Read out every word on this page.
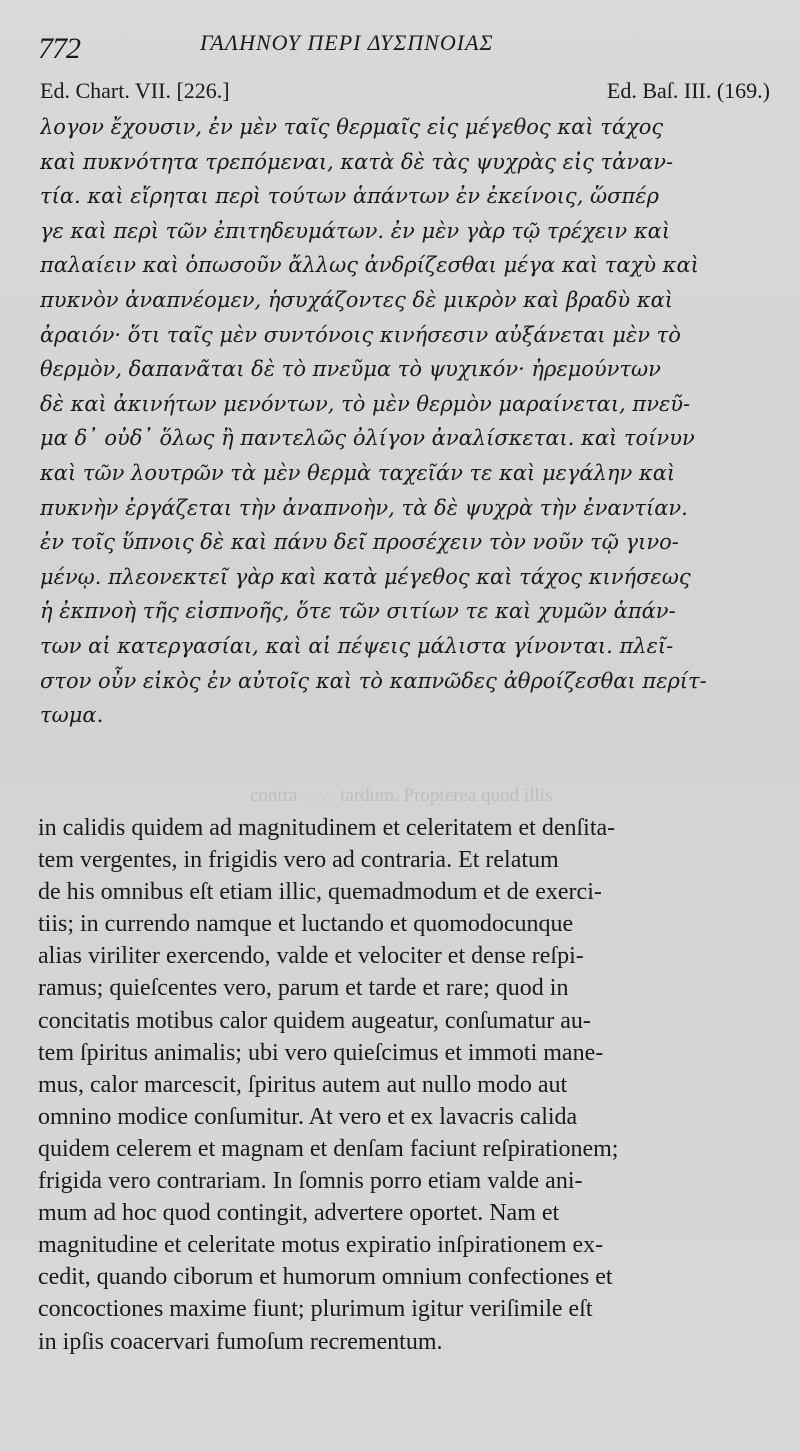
contra . . . . tardum. Propterea quod illis
772	ΓΑΛΗΝΟΥ ΠΕΡΙ ΔΥΣΠΝΟΙΑΣ
Ed. Chart. VII. [226.]	Ed. Baſ. III. (169.)
λογον ἔχουσιν, ἐν μὲν ταῖς θερμαῖς εἰς μέγεθος καὶ τάχος
καὶ πυκνότητα τρεπόμεναι, κατὰ δὲ τὰς ψυχρὰς εἰς τἀναν-
τία. καὶ εἴρηται περὶ τούτων ἁπάντων ἐν ἐκείνοις, ὥσπέρ
γε καὶ περὶ τῶν ἐπιτηδευμάτων. ἐν μὲν γὰρ τῷ τρέχειν καὶ
παλαίειν καὶ ὁπωσοῦν ἄλλως ἀνδρίζεσθαι μέγα καὶ ταχὺ καὶ
πυκνὸν ἀναπνέομεν, ἡσυχάζοντες δὲ μικρὸν καὶ βραδὺ καὶ
ἀραιόν· ὅτι ταῖς μὲν συντόνοις κινήσεσιν αὐξάνεται μὲν τὸ
θερμὸν, δαπανᾶται δὲ τὸ πνεῦμα τὸ ψυχικόν· ἠρεμούντων
δὲ καὶ ἀκινήτων μενόντων, τὸ μὲν θερμὸν μαραίνεται, πνεῦ-
μα δ᾽ οὐδ᾽ ὅλως ἢ παντελῶς ὀλίγον ἀναλίσκεται. καὶ τοίνυν
καὶ τῶν λουτρῶν τὰ μὲν θερμὰ ταχεῖάν τε καὶ μεγάλην καὶ
πυκνὴν ἐργάζεται τὴν ἀναπνοὴν, τὰ δὲ ψυχρὰ τὴν ἐναντίαν.
ἐν τοῖς ὕπνοις δὲ καὶ πάνυ δεῖ προσέχειν τὸν νοῦν τῷ γινο-
μένῳ. πλεονεκτεῖ γὰρ καὶ κατὰ μέγεθος καὶ τάχος κινήσεως
ἡ ἐκπνοὴ τῆς εἰσπνοῆς, ὅτε τῶν σιτίων τε καὶ χυμῶν ἁπάν-
των αἱ κατεργασίαι, καὶ αἱ πέψεις μάλιστα γίνονται. πλεῖ-
στον οὖν εἰκὸς ἐν αὐτοῖς καὶ τὸ καπνῶδες ἀθροίζεσθαι περίτ-
τωμα.
in calidis quidem ad magnitudinem et celeritatem et denſita-
tem vergentes, in frigidis vero ad contraria. Et relatum
de his omnibus eſt etiam illic, quemadmodum et de exerci-
tiis; in currendo namque et luctando et quomodocunque
alias viriliter exercendo, valde et velociter et dense reſpi-
ramus; quieſcentes vero, parum et tarde et rare; quod in
concitatis motibus calor quidem augeatur, conſumatur au-
tem ſpiritus animalis; ubi vero quieſcimus et immoti mane-
mus, calor marcescit, ſpiritus autem aut nullo modo aut
omnino modice conſumitur. At vero et ex lavacris calida
quidem celerem et magnam et denſam faciunt reſpirationem;
frigida vero contrariam. In ſomnis porro etiam valde ani-
mum ad hoc quod contingit, advertere oportet. Nam et
magnitudine et celeritate motus expiratio inſpirationem ex-
cedit, quando ciborum et humorum omnium confectiones et
concoctiones maxime fiunt; plurimum igitur veriſimile eſt
in ipſis coacervari fumoſum recrementum.
